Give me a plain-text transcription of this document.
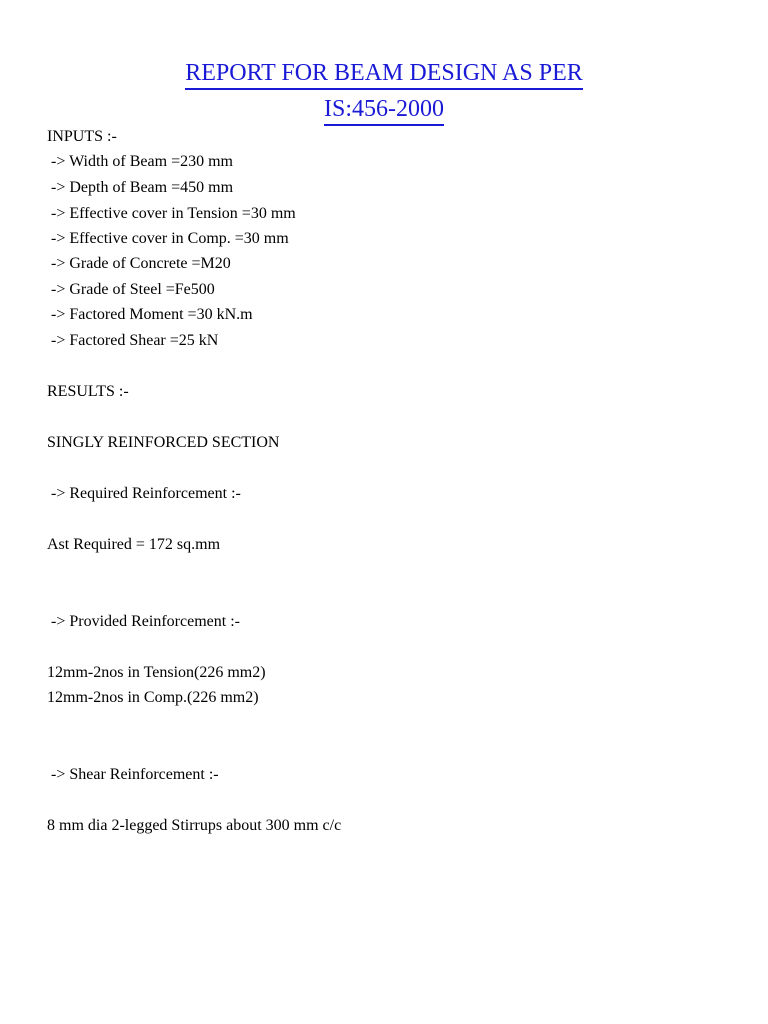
REPORT FOR BEAM DESIGN AS PER
IS:456-2000
INPUTS :-
-> Width of Beam =230 mm
-> Depth of Beam =450 mm
-> Effective cover in Tension =30 mm
-> Effective cover in Comp. =30 mm
-> Grade of Concrete =M20
-> Grade of Steel =Fe500
-> Factored Moment =30 kN.m
-> Factored Shear =25 kN
RESULTS :-
SINGLY REINFORCED SECTION
-> Required Reinforcement :-
Ast Required = 172 sq.mm
-> Provided Reinforcement :-
12mm-2nos in Tension(226 mm2)
12mm-2nos in Comp.(226 mm2)
-> Shear Reinforcement :-
8 mm dia 2-legged Stirrups about 300 mm c/c
